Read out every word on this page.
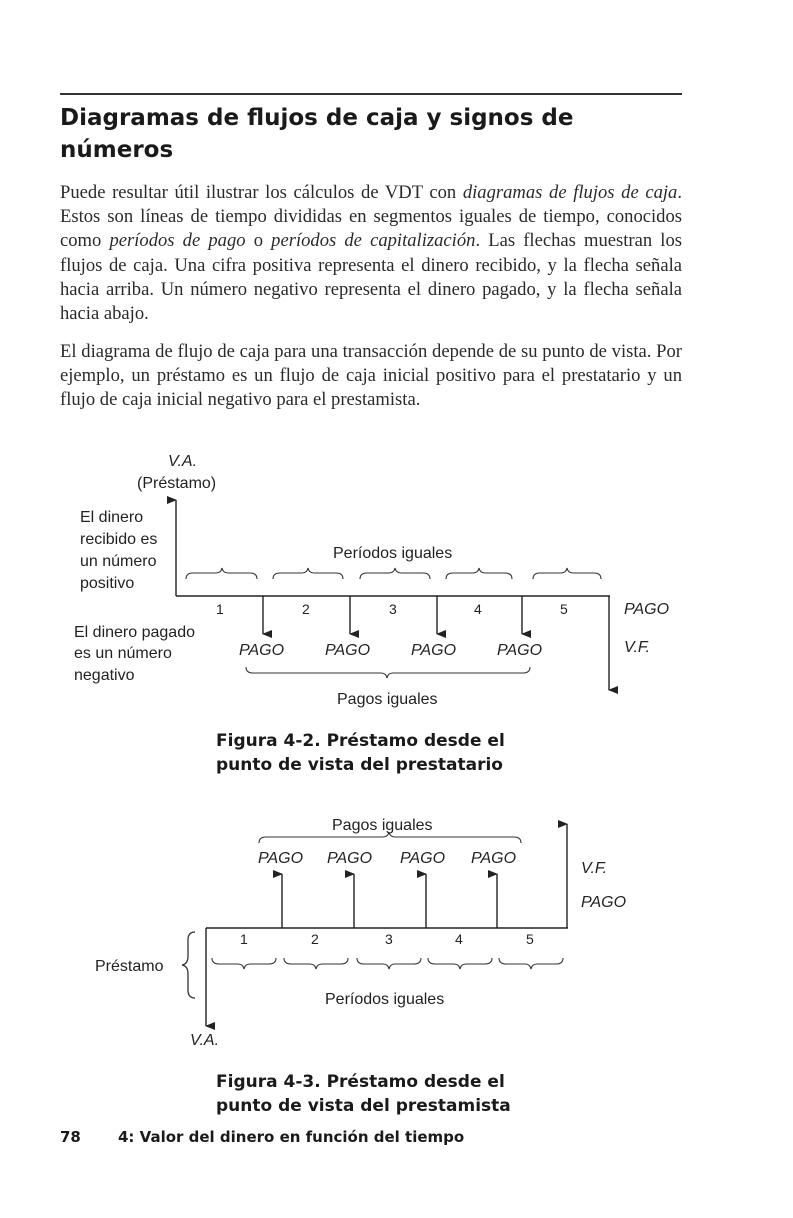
Diagramas de flujos de caja y signos de números

Puede resultar útil ilustrar los cálculos de VDT con diagramas de flujos de caja. Estos son líneas de tiempo divididas en segmentos iguales de tiempo, conocidos como períodos de pago o períodos de capitalización. Las flechas muestran los flujos de caja. Una cifra positiva representa el dinero recibido, y la flecha señala hacia arriba. Un número negativo representa el dinero pagado, y la flecha señala hacia abajo.

El diagrama de flujo de caja para una transacción depende de su punto de vista. Por ejemplo, un préstamo es un flujo de caja inicial positivo para el prestatario y un flujo de caja inicial negativo para el prestamista.

V.A.
(Préstamo)
El dinero
recibido es
un número
positivo
El dinero pagado
es un número
negativo
Períodos iguales
1	2	3	4	5
PAGO	PAGO	PAGO	PAGO
PAGO
V.F.
Pagos iguales
Figura 4-2. Préstamo desde el
punto de vista del prestatario
Pagos iguales
PAGO PAGO PAGO PAGO
V.F.
PAGO
V.A.
1	2	3	4	5
Préstamo
Períodos iguales
Figura 4-3. Préstamo desde el
punto de vista del prestamista
78 4: Valor del dinero en función del tiempo
